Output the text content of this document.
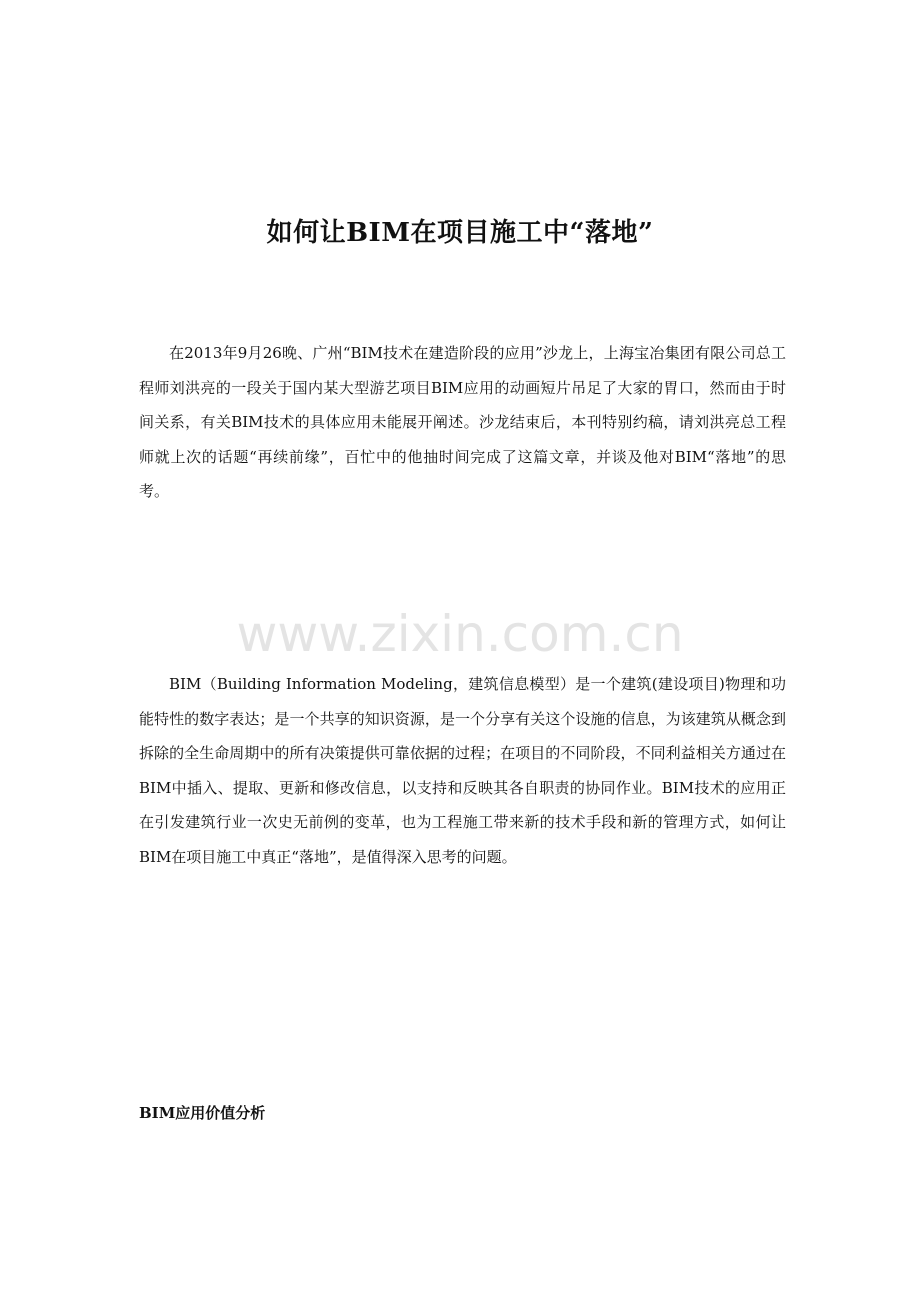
如何让BIM在项目施工中“落地”

在2013年9月26晚、广州“BIM技术在建造阶段的应用”沙龙上，上海宝冶集团有限公司总工程师刘洪亮的一段关于国内某大型游艺项目BIM应用的动画短片吊足了大家的胃口，然而由于时间关系，有关BIM技术的具体应用未能展开阐述。沙龙结束后，本刊特别约稿，请刘洪亮总工程师就上次的话题“再续前缘”，百忙中的他抽时间完成了这篇文章，并谈及他对BIM“落地”的思考。

www.zixin.com.cn

BIM（Building Information Modeling，建筑信息模型）是一个建筑(建设项目)物理和功能特性的数字表达；是一个共享的知识资源，是一个分享有关这个设施的信息，为该建筑从概念到拆除的全生命周期中的所有决策提供可靠依据的过程；在项目的不同阶段，不同利益相关方通过在BIM中插入、提取、更新和修改信息，以支持和反映其各自职责的协同作业。BIM技术的应用正在引发建筑行业一次史无前例的变革，也为工程施工带来新的技术手段和新的管理方式，如何让BIM在项目施工中真正“落地”，是值得深入思考的问题。

BIM应用价值分析
